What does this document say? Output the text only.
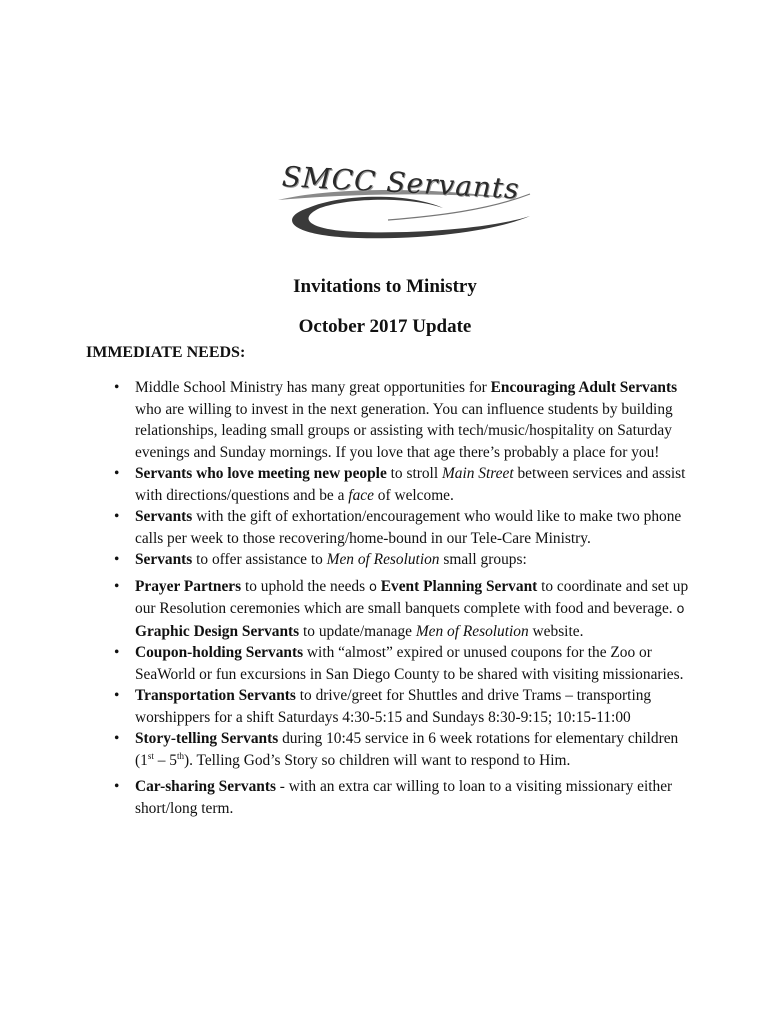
SMCC Servants
Invitations to Ministry
October 2017 Update
IMMEDIATE NEEDS:
• Middle School Ministry has many great opportunities for Encouraging Adult Servants who are willing to invest in the next generation. You can influence students by building relationships, leading small groups or assisting with tech/music/hospitality on Saturday evenings and Sunday mornings. If you love that age there’s probably a place for you!
• Servants who love meeting new people to stroll Main Street between services and assist with directions/questions and be a face of welcome.
• Servants with the gift of exhortation/encouragement who would like to make two phone calls per week to those recovering/home-bound in our Tele-Care Ministry.
• Servants to offer assistance to Men of Resolution small groups:
• Prayer Partners to uphold the needs o Event Planning Servant to coordinate and set up our Resolution ceremonies which are small banquets complete with food and beverage. o Graphic Design Servants to update/manage Men of Resolution website.
• Coupon-holding Servants with “almost” expired or unused coupons for the Zoo or SeaWorld or fun excursions in San Diego County to be shared with visiting missionaries.
• Transportation Servants to drive/greet for Shuttles and drive Trams – transporting worshippers for a shift Saturdays 4:30-5:15 and Sundays 8:30-9:15; 10:15-11:00
• Story-telling Servants during 10:45 service in 6 week rotations for elementary children (1st – 5th). Telling God’s Story so children will want to respond to Him.
• Car-sharing Servants - with an extra car willing to loan to a visiting missionary either short/long term.
